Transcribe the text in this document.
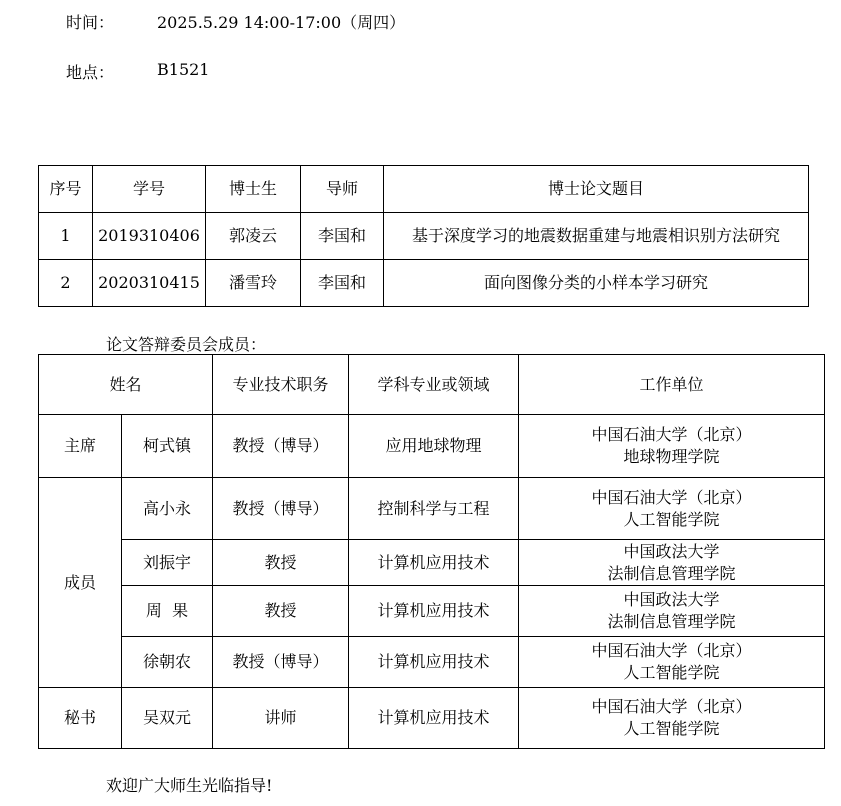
时间：	2025.5.29 14:00-17:00（周四）
地点：	B1521
序号	学号	博士生	导师	博士论文题目
1	2019310406	郭凌云	李国和	基于深度学习的地震数据重建与地震相识别方法研究
2	2020310415	潘雪玲	李国和	面向图像分类的小样本学习研究
论文答辩委员会成员：
姓名		专业技术职务	学科专业或领域	工作单位
主席	柯式镇	教授（博导）	应用地球物理	中国石油大学（北京）
地球物理学院

成员	高小永	教授（博导）	控制科学与工程	中国石油大学（北京）
人工智能学院

	刘振宇	教授	计算机应用技术	中国政法大学
法制信息管理学院

	周  果	教授	计算机应用技术	中国政法大学
法制信息管理学院

	徐朝农	教授（博导）	计算机应用技术	中国石油大学（北京）
人工智能学院

秘书	吴双元	讲师	计算机应用技术	中国石油大学（北京）
人工智能学院
欢迎广大师生光临指导!
